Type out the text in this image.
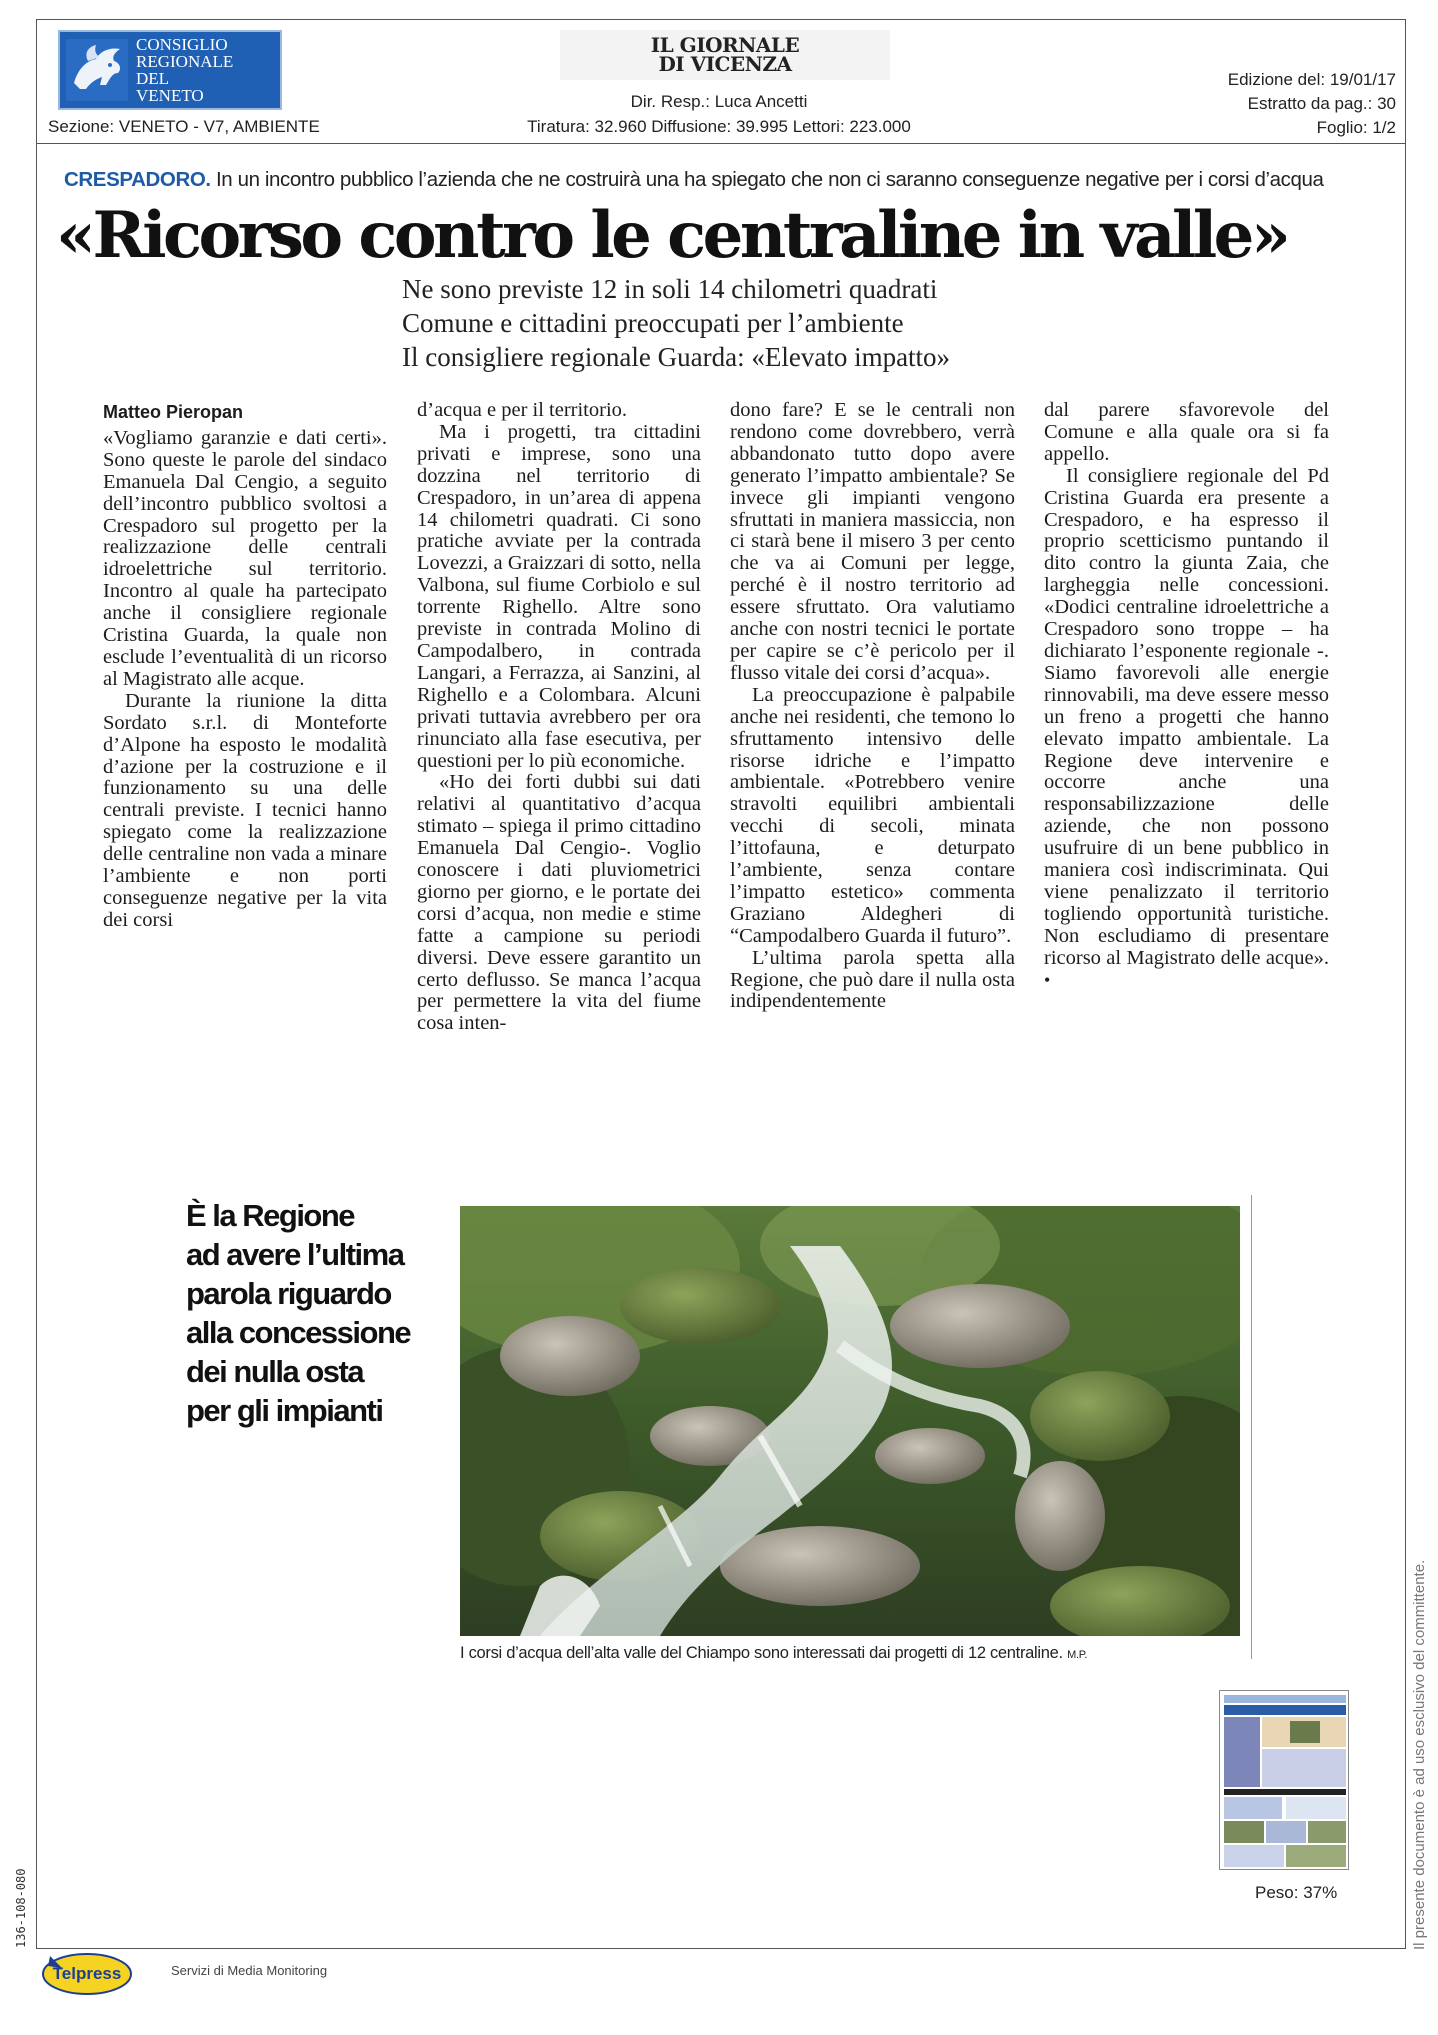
CONSIGLIO
REGIONALE
DEL
VENETO
IL GIORNALE
DI VICENZA
Dir. Resp.: Luca Ancetti
Tiratura: 32.960 Diffusione: 39.995 Lettori: 223.000
Sezione: VENETO - V7, AMBIENTE
Edizione del: 19/01/17
Estratto da pag.: 30
Foglio: 1/2
CRESPADORO. In un incontro pubblico l’azienda che ne costruirà una ha spiegato che non ci saranno conseguenze negative per i corsi d’acqua
«Ricorso contro le centraline in valle»
Ne sono previste 12 in soli 14 chilometri quadrati
Comune e cittadini preoccupati per l’ambiente
Il consigliere regionale Guarda: «Elevato impatto»
Matteo Pieropan

«Vogliamo garanzie e dati certi». Sono queste le parole del sindaco Emanuela Dal Cengio, a seguito dell’incontro pubblico svoltosi a Crespadoro sul progetto per la realizzazione delle centrali idroelettriche sul territorio. Incontro al quale ha partecipato anche il consigliere regionale Cristina Guarda, la quale non esclude l’eventualità di un ricorso al Magistrato alle acque.

Durante la riunione la ditta Sordato s.r.l. di Monteforte d’Alpone ha esposto le modalità d’azione per la costruzione e il funzionamento su una delle centrali previste. I tecnici hanno spiegato come la realizzazione delle centraline non vada a minare l’ambiente e non porti conseguenze negative per la vita dei corsi

d’acqua e per il territorio.

Ma i progetti, tra cittadini privati e imprese, sono una dozzina nel territorio di Crespadoro, in un’area di appena 14 chilometri quadrati. Ci sono pratiche avviate per la contrada Lovezzi, a Graizzari di sotto, nella Valbona, sul fiume Corbiolo e sul torrente Righello. Altre sono previste in contrada Molino di Campodalbero, in contrada Langari, a Ferrazza, ai Sanzini, al Righello e a Colombara. Alcuni privati tuttavia avrebbero per ora rinunciato alla fase esecutiva, per questioni per lo più economiche.

«Ho dei forti dubbi sui dati relativi al quantitativo d’acqua stimato – spiega il primo cittadino Emanuela Dal Cengio-. Voglio conoscere i dati pluviometrici giorno per giorno, e le portate dei corsi d’acqua, non medie e stime fatte a campione su periodi diversi. Deve essere garantito un certo deflusso. Se manca l’acqua per permettere la vita del fiume cosa inten-

dono fare? E se le centrali non rendono come dovrebbero, verrà abbandonato tutto dopo avere generato l’impatto ambientale? Se invece gli impianti vengono sfruttati in maniera massiccia, non ci starà bene il misero 3 per cento che va ai Comuni per legge, perché è il nostro territorio ad essere sfruttato. Ora valutiamo anche con nostri tecnici le portate per capire se c’è pericolo per il flusso vitale dei corsi d’acqua».

La preoccupazione è palpabile anche nei residenti, che temono lo sfruttamento intensivo delle risorse idriche e l’impatto ambientale. «Potrebbero venire stravolti equilibri ambientali vecchi di secoli, minata l’ittofauna, e deturpato l’ambiente, senza contare l’impatto estetico» commenta Graziano Aldegheri di “Campodalbero Guarda il futuro”.

L’ultima parola spetta alla Regione, che può dare il nulla osta indipendentemente

dal parere sfavorevole del Comune e alla quale ora si fa appello.

Il consigliere regionale del Pd Cristina Guarda era presente a Crespadoro, e ha espresso il proprio scetticismo puntando il dito contro la giunta Zaia, che largheggia nelle concessioni. «Dodici centraline idroelettriche a Crespadoro sono troppe – ha dichiarato l’esponente regionale -. Siamo favorevoli alle energie rinnovabili, ma deve essere messo un freno a progetti che hanno elevato impatto ambientale. La Regione deve intervenire e occorre anche una responsabilizzazione delle aziende, che non possono usufruire di un bene pubblico in maniera così indiscriminata. Qui viene penalizzato il territorio togliendo opportunità turistiche. Non escludiamo di presentare ricorso al Magistrato delle acque». •

È la Regione
ad avere l’ultima
parola riguardo
alla concessione
dei nulla osta
per gli impianti
I corsi d’acqua dell’alta valle del Chiampo sono interessati dai progetti di 12 centraline. M.P.
Peso: 37%	Il presente documento è ad uso esclusivo del committente.
136-108-080
Telpress	Servizi di Media Monitoring
